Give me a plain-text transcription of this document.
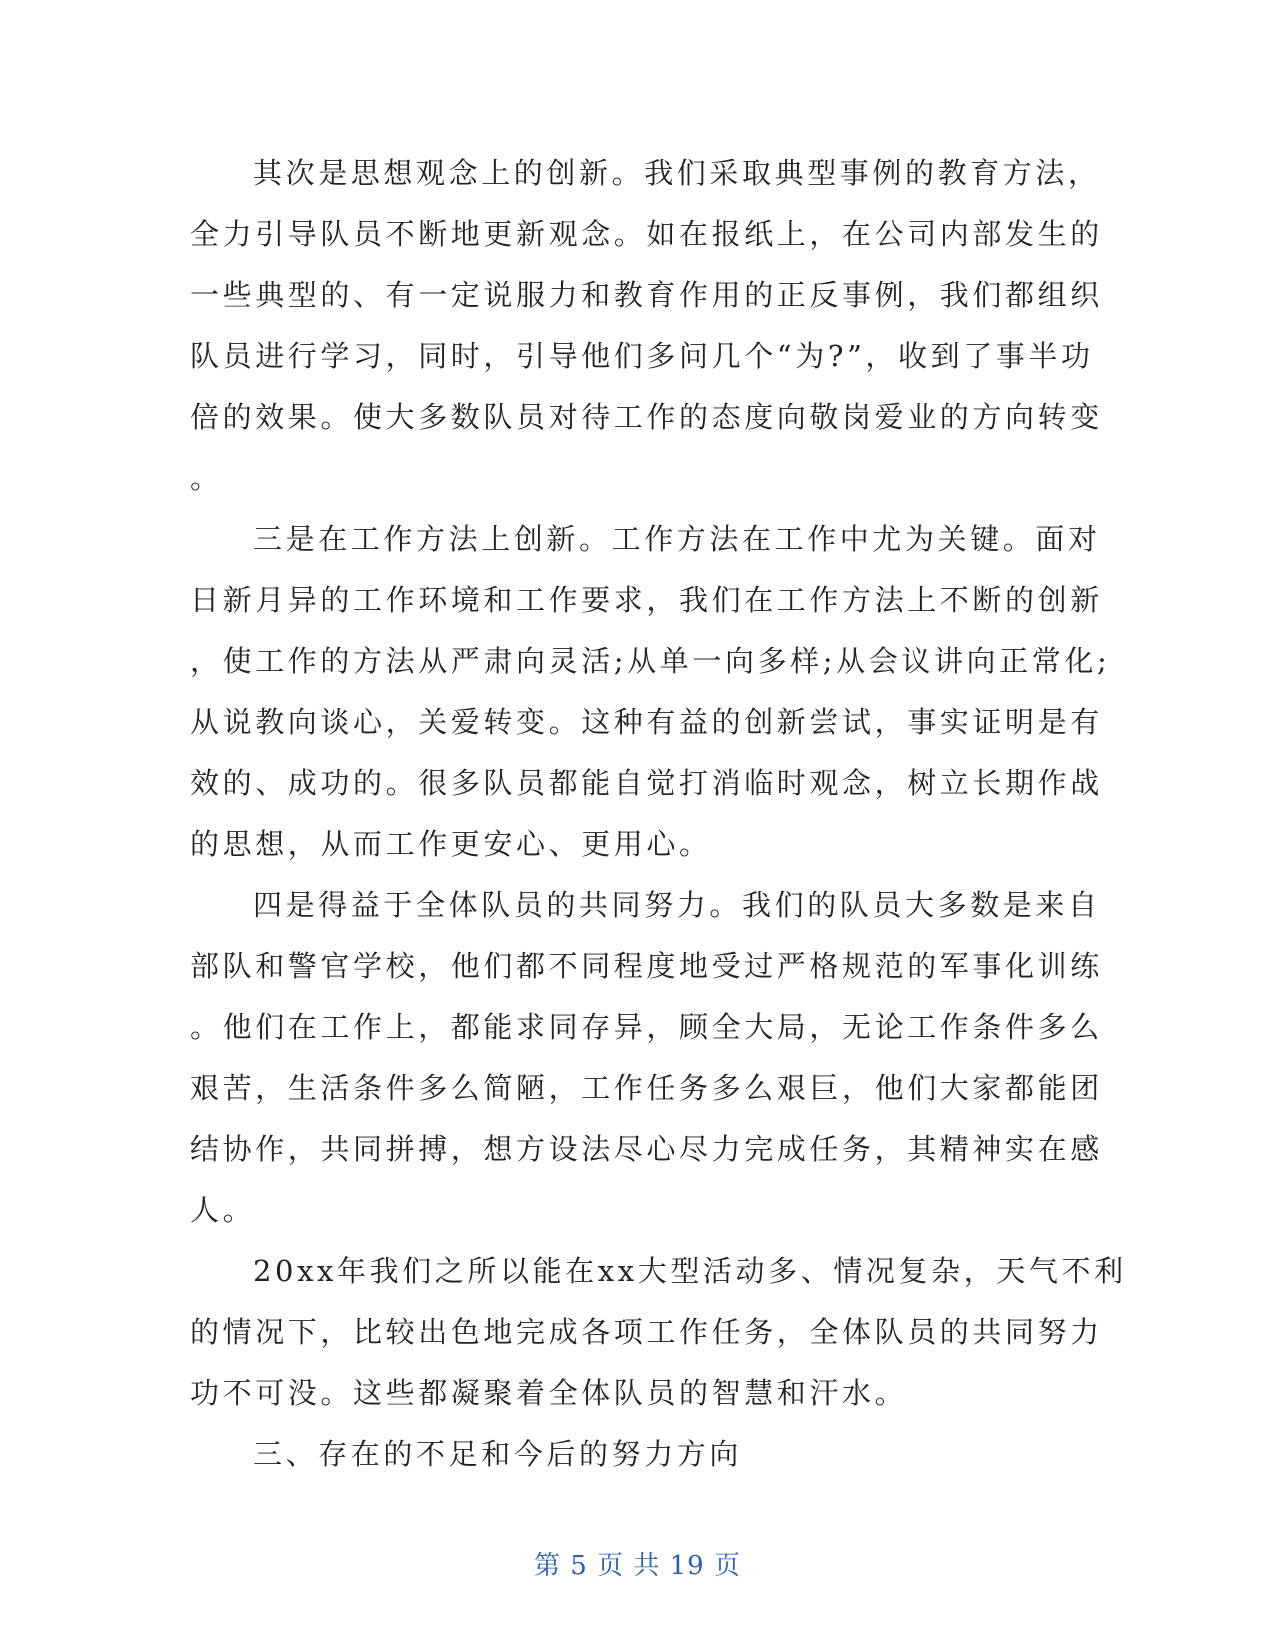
其次是思想观念上的创新。我们采取典型事例的教育方法，
全力引导队员不断地更新观念。如在报纸上，在公司内部发生的
一些典型的、有一定说服力和教育作用的正反事例，我们都组织
队员进行学习，同时，引导他们多问几个“为?”，收到了事半功
倍的效果。使大多数队员对待工作的态度向敬岗爱业的方向转变
。
三是在工作方法上创新。工作方法在工作中尤为关键。面对
日新月异的工作环境和工作要求，我们在工作方法上不断的创新
，使工作的方法从严肃向灵活;从单一向多样;从会议讲向正常化;
从说教向谈心，关爱转变。这种有益的创新尝试，事实证明是有
效的、成功的。很多队员都能自觉打消临时观念，树立长期作战
的思想，从而工作更安心、更用心。
四是得益于全体队员的共同努力。我们的队员大多数是来自
部队和警官学校，他们都不同程度地受过严格规范的军事化训练
。他们在工作上，都能求同存异，顾全大局，无论工作条件多么
艰苦，生活条件多么简陋，工作任务多么艰巨，他们大家都能团
结协作，共同拼搏，想方设法尽心尽力完成任务，其精神实在感
人。
20xx年我们之所以能在xx大型活动多、情况复杂，天气不利
的情况下，比较出色地完成各项工作任务，全体队员的共同努力
功不可没。这些都凝聚着全体队员的智慧和汗水。
三、存在的不足和今后的努力方向
第 5 页 共 19 页
